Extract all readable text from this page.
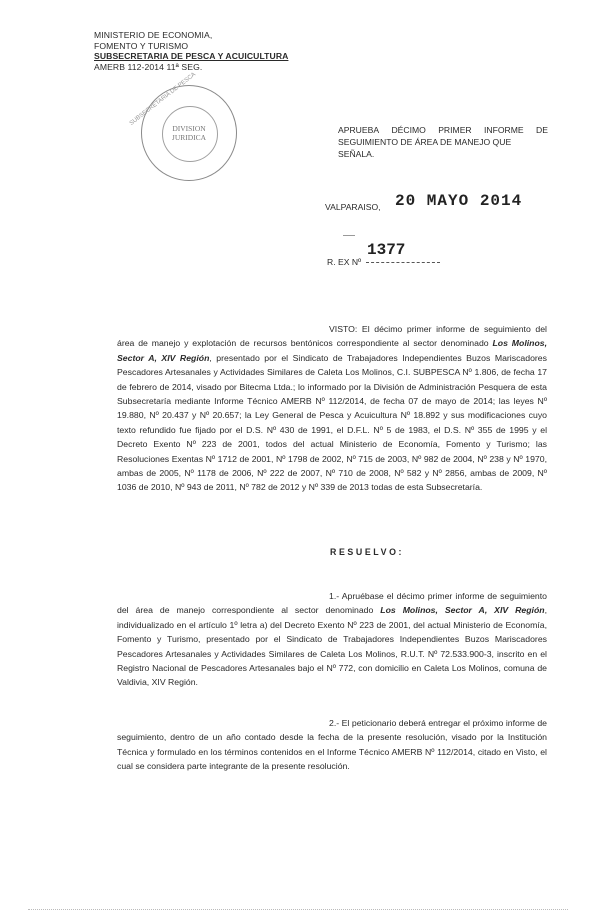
MINISTERIO DE ECONOMIA,
FOMENTO Y TURISMO
SUBSECRETARIA DE PESCA Y ACUICULTURA
AMERB 112-2014 11ª SEG.
SUBSECRETARIA DE PESCA
DIVISION
JURIDICA
APRUEBA DÉCIMO PRIMER INFORME DE
SEGUIMIENTO DE ÁREA DE MANEJO QUE SEÑALA.
VALPARAISO, 20 MAYO 2014
1377
R. EX Nº
VISTO: El décimo primer informe de seguimiento del área de manejo y explotación de recursos bentónicos correspondiente al sector denominado Los Molinos, Sector A, XIV Región, presentado por el Sindicato de Trabajadores Independientes Buzos Mariscadores Pescadores Artesanales y Actividades Similares de Caleta Los Molinos, C.I. SUBPESCA Nº 1.806, de fecha 17 de febrero de 2014, visado por Bitecma Ltda.; lo informado por la División de Administración Pesquera de esta Subsecretaría mediante Informe Técnico AMERB Nº 112/2014, de fecha 07 de mayo de 2014; las leyes Nº 19.880, Nº 20.437 y Nº 20.657; la Ley General de Pesca y Acuicultura Nº 18.892 y sus modificaciones cuyo texto refundido fue fijado por el D.S. Nº 430 de 1991, el D.F.L. Nº 5 de 1983, el D.S. Nº 355 de 1995 y el Decreto Exento Nº 223 de 2001, todos del actual Ministerio de Economía, Fomento y Turismo; las Resoluciones Exentas Nº 1712 de 2001, Nº 1798 de 2002, Nº 715 de 2003, Nº 982 de 2004, Nº 238 y Nº 1970, ambas de 2005, Nº 1178 de 2006, Nº 222 de 2007, Nº 710 de 2008, Nº 582 y Nº 2856, ambas de 2009, Nº 1036 de 2010, Nº 943 de 2011, Nº 782 de 2012 y Nº 339 de 2013 todas de esta Subsecretaría.
RESUELVO:
1.- Apruébase el décimo primer informe de seguimiento del área de manejo correspondiente al sector denominado Los Molinos, Sector A, XIV Región, individualizado en el artículo 1º letra a) del Decreto Exento Nº 223 de 2001, del actual Ministerio de Economía, Fomento y Turismo, presentado por el Sindicato de Trabajadores Independientes Buzos Mariscadores Pescadores Artesanales y Actividades Similares de Caleta Los Molinos, R.U.T. Nº 72.533.900-3, inscrito en el Registro Nacional de Pescadores Artesanales bajo el Nº 772, con domicilio en Caleta Los Molinos, comuna de Valdivia, XIV Región.
2.- El peticionario deberá entregar el próximo informe de seguimiento, dentro de un año contado desde la fecha de la presente resolución, visado por la Institución Técnica y formulado en los términos contenidos en el Informe Técnico AMERB Nº 112/2014, citado en Visto, el cual se considera parte integrante de la presente resolución.
